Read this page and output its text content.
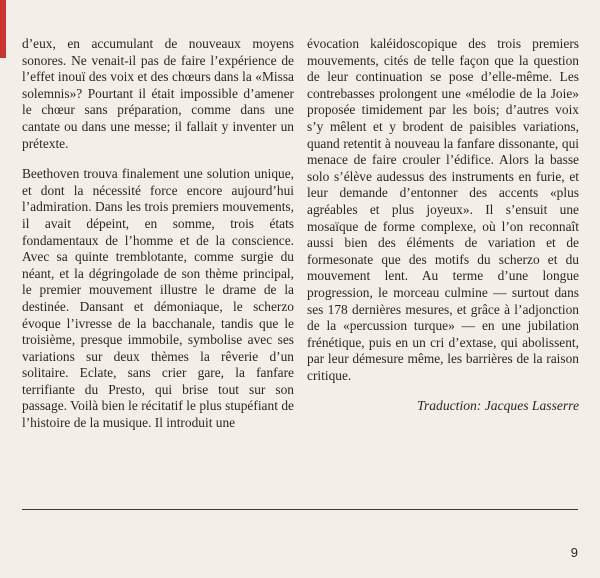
d’eux, en accumulant de nouveaux moyens sonores. Ne venait-il pas de faire l’expérience de l’effet inouï des voix et des chœurs dans la «Missa solemnis»? Pourtant il était impossible d’amener le chœur sans préparation, comme dans une cantate ou dans une messe; il fallait y inventer un prétexte.

Beethoven trouva finalement une solution unique, et dont la nécessité force encore aujourd’hui l’admiration. Dans les trois premiers mouvements, il avait dépeint, en somme, trois états fondamentaux de l’homme et de la conscience. Avec sa quinte tremblotante, comme surgie du néant, et la dégringolade de son thème principal, le premier mouvement illustre le drame de la destinée. Dansant et démoniaque, le scherzo évoque l’ivresse de la bacchanale, tandis que le troisième, presque immobile, symbolise avec ses variations sur deux thèmes la rêverie d’un solitaire. Eclate, sans crier gare, la fanfare terrifiante du Presto, qui brise tout sur son passage. Voilà bien le récitatif le plus stupéfiant de l’histoire de la musique. Il introduit une

évocation kaléidoscopique des trois premiers mouvements, cités de telle façon que la question de leur continuation se pose d’elle-même. Les contrebasses prolongent une «mélodie de la Joie» proposée timidement par les bois; d’autres voix s’y mêlent et y brodent de paisibles variations, quand retentit à nouveau la fanfare dissonante, qui menace de faire crouler l’édifice. Alors la basse solo s’élève audessus des instruments en furie, et leur demande d’entonner des accents «plus agréables et plus joyeux». Il s’ensuit une mosaïque de forme complexe, où l’on reconnaît aussi bien des éléments de variation et de formesonate que des motifs du scherzo et du mouvement lent. Au terme d’une longue progression, le morceau culmine — surtout dans ses 178 dernières mesures, et grâce à l’adjonction de la «percussion turque» — en une jubilation frénétique, puis en un cri d’extase, qui abolissent, par leur démesure même, les barrières de la raison critique.

Traduction: Jacques Lasserre
9
